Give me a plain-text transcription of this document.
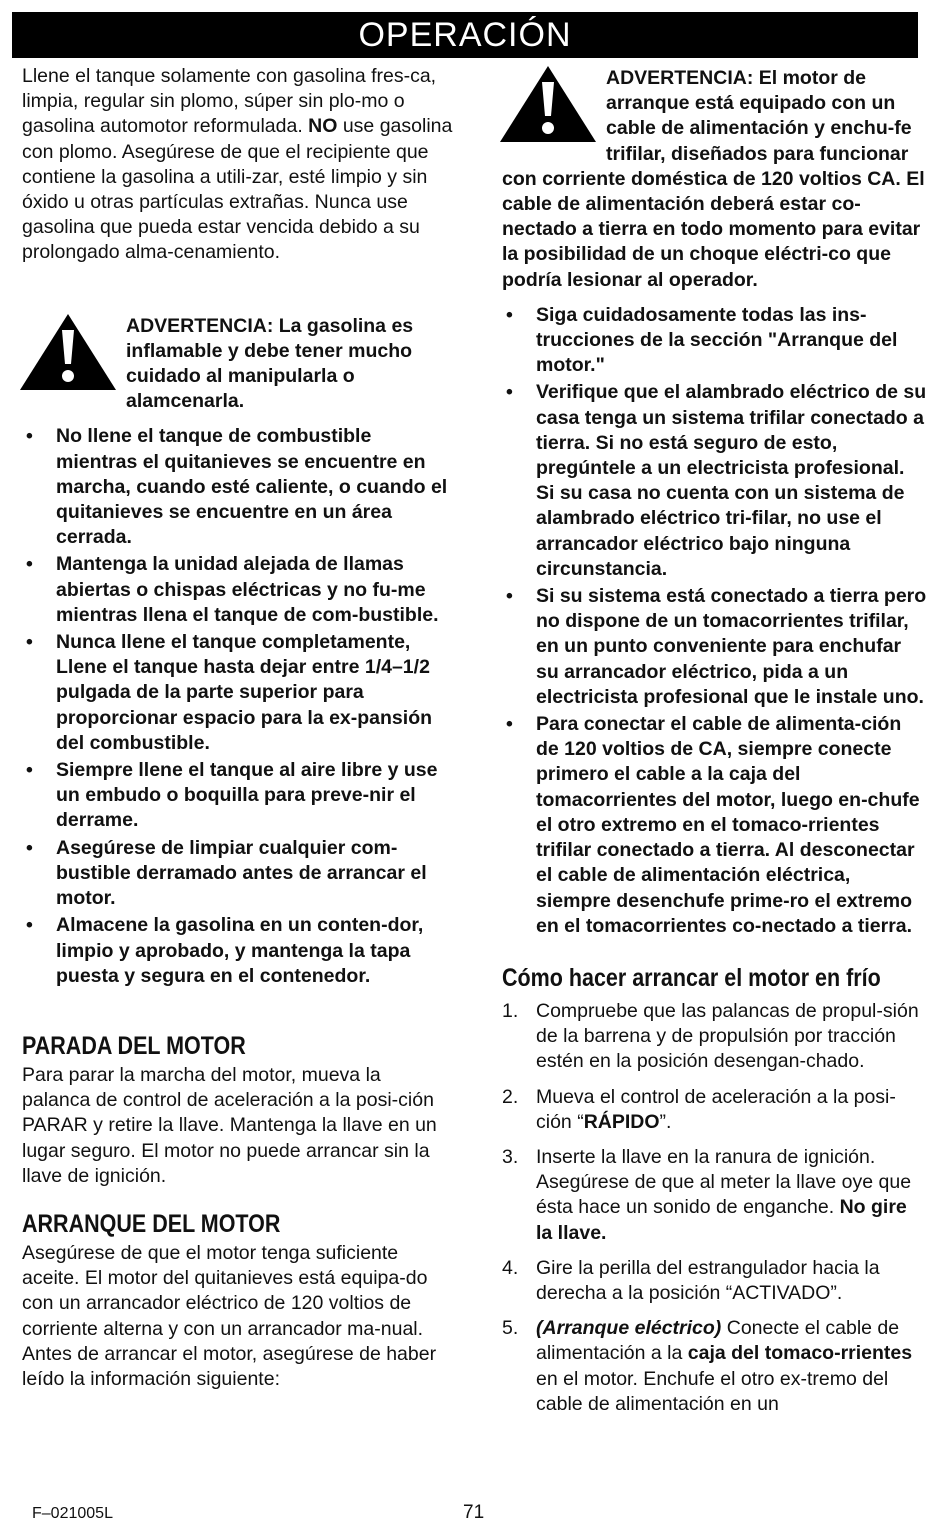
OPERACIÓN

Llene el tanque solamente con gasolina fres-ca, limpia, regular sin plomo, súper sin plo-mo o gasolina automotor reformulada. NO use gasolina con plomo. Asegúrese de que el recipiente que contiene la gasolina a utili-zar, esté limpio y sin óxido u otras partículas extrañas. Nunca use gasolina que pueda estar vencida debido a su prolongado alma-cenamiento.

ADVERTENCIA: La gasolina es inflamable y debe tener mucho cuidado al manipularla o alamcenarla.

• No llene el tanque de combustible mientras el quitanieves se encuentre en marcha, cuando esté caliente, o cuando el quitanieves se encuentre en un área cerrada.
• Mantenga la unidad alejada de llamas abiertas o chispas eléctricas y no fu-me mientras llena el tanque de com-bustible.
• Nunca llene el tanque completamente, Llene el tanque hasta dejar entre 1/4–1/2 pulgada de la parte superior para proporcionar espacio para la ex-pansión del combustible.
• Siempre llene el tanque al aire libre y use un embudo o boquilla para preve-nir el derrame.
• Asegúrese de limpiar cualquier com-bustible derramado antes de arrancar el motor.
• Almacene la gasolina en un conten-dor, limpio y aprobado, y mantenga la tapa puesta y segura en el contenedor.
PARADA DEL MOTOR

Para parar la marcha del motor, mueva la palanca de control de aceleración a la posi-ción PARAR y retire la llave. Mantenga la llave en un lugar seguro. El motor no puede arrancar sin la llave de ignición.

ARRANQUE DEL MOTOR

Asegúrese de que el motor tenga suficiente aceite. El motor del quitanieves está equipa-do con un arrancador eléctrico de 120 voltios de corriente alterna y con un arrancador ma-nual. Antes de arrancar el motor, asegúrese de haber leído la información siguiente:

ADVERTENCIA: El motor de arranque está equipado con un cable de alimentación y enchu-fe trifilar, diseñados para funcionar con corriente doméstica de 120 voltios CA. El cable de alimentación deberá estar co-nectado a tierra en todo momento para evitar la posibilidad de un choque eléctri-co que podría lesionar al operador.

• Siga cuidadosamente todas las ins-trucciones de la sección "Arranque del motor."
• Verifique que el alambrado eléctrico de su casa tenga un sistema trifilar conectado a tierra. Si no está seguro de esto, pregúntele a un electricista profesional. Si su casa no cuenta con un sistema de alambrado eléctrico tri-filar, no use el arrancador eléctrico bajo ninguna circunstancia.
• Si su sistema está conectado a tierra pero no dispone de un tomacorrientes trifilar, en un punto conveniente para enchufar su arrancador eléctrico, pida a un electricista profesional que le instale uno.
• Para conectar el cable de alimenta-ción de 120 voltios de CA, siempre conecte primero el cable a la caja del tomacorrientes del motor, luego en-chufe el otro extremo en el tomaco-rrientes trifilar conectado a tierra. Al desconectar el cable de alimentación eléctrica, siempre desenchufe prime-ro el extremo en el tomacorrientes co-nectado a tierra.
Cómo hacer arrancar el motor en frío
1. Compruebe que las palancas de propul-sión de la barrena y de propulsión por tracción estén en la posición desengan-chado.
2. Mueva el control de aceleración a la posi-ción “RÁPIDO”.
3. Inserte la llave en la ranura de ignición. Asegúrese de que al meter la llave oye que ésta hace un sonido de enganche. No gire la llave.
4. Gire la perilla del estrangulador hacia la derecha a la posición “ACTIVADO”.
5. (Arranque eléctrico) Conecte el cable de alimentación a la caja del tomaco-rrientes en el motor. Enchufe el otro ex-tremo del cable de alimentación en un
F–021005L	71
